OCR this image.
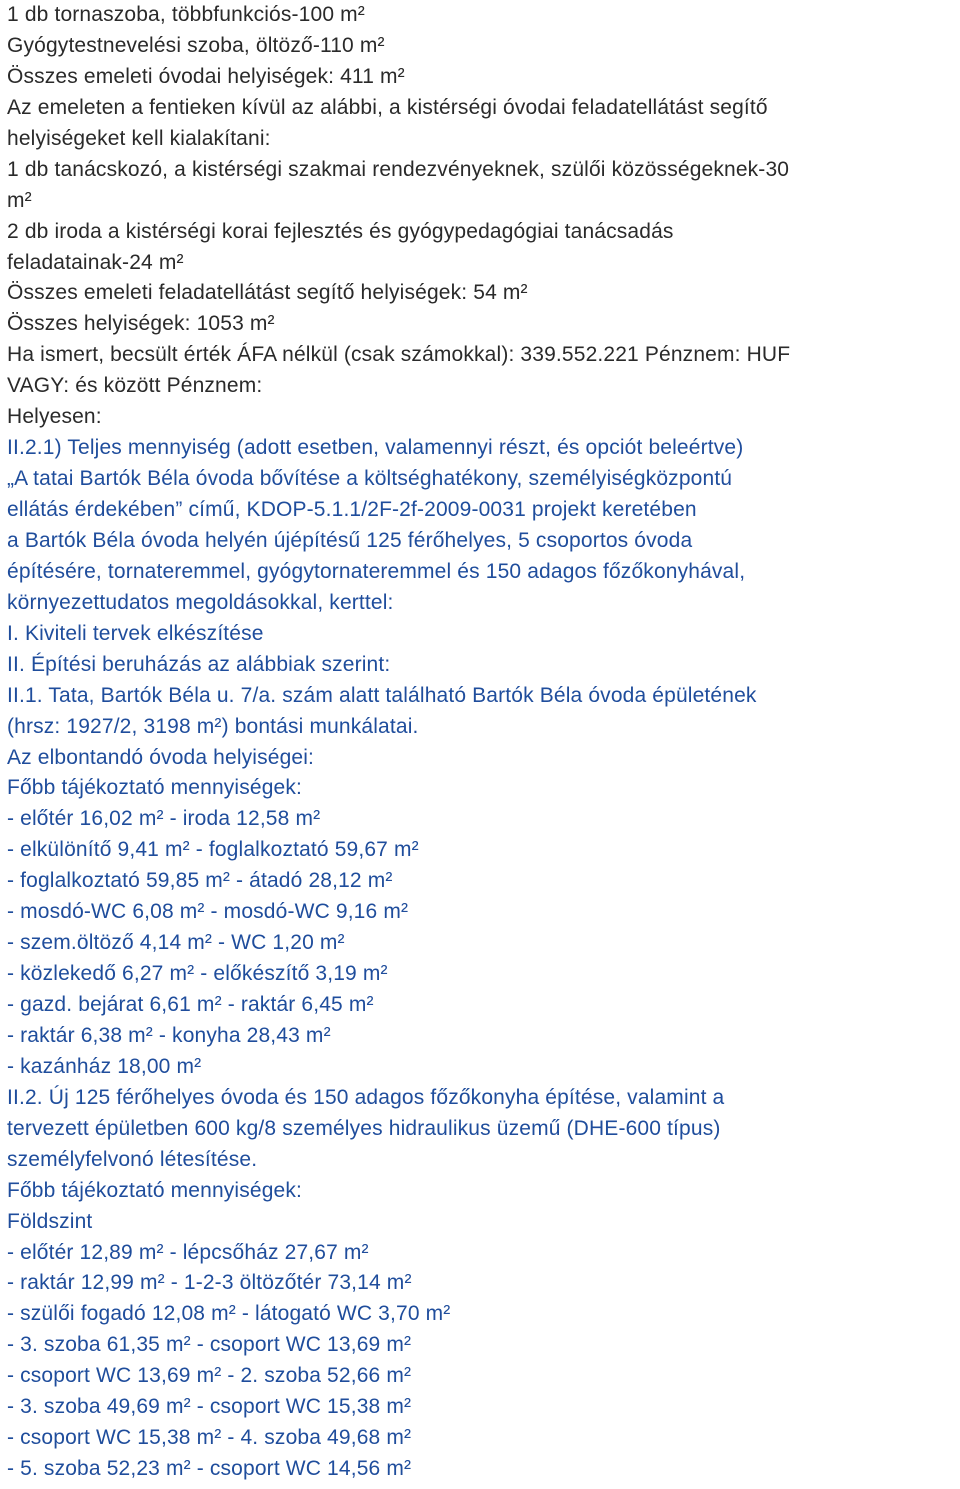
1 db tornaszoba, többfunkciós-100 m²
Gyógytestnevelési szoba, öltöző-110 m²
Összes emeleti óvodai helyiségek: 411 m²
Az emeleten a fentieken kívül az alábbi, a kistérségi óvodai feladatellátást segítő
helyiségeket kell kialakítani:
1 db tanácskozó, a kistérségi szakmai rendezvényeknek, szülői közösségeknek-30
m²
2 db iroda a kistérségi korai fejlesztés és gyógypedagógiai tanácsadás
feladatainak-24 m²
Összes emeleti feladatellátást segítő helyiségek: 54 m²
Összes helyiségek: 1053 m²
Ha ismert, becsült érték ÁFA nélkül (csak számokkal): 339.552.221 Pénznem: HUF
VAGY: és között Pénznem:
Helyesen:
II.2.1) Teljes mennyiség (adott esetben, valamennyi részt, és opciót beleértve)
„A tatai Bartók Béla óvoda bővítése a költséghatékony, személyiségközpontú
ellátás érdekében” című, KDOP-5.1.1/2F-2f-2009-0031 projekt keretében
a Bartók Béla óvoda helyén újépítésű 125 férőhelyes, 5 csoportos óvoda
építésére, tornateremmel, gyógytornateremmel és 150 adagos főzőkonyhával,
környezettudatos megoldásokkal, kerttel:
I. Kiviteli tervek elkészítése
II. Építési beruházás az alábbiak szerint:
II.1. Tata, Bartók Béla u. 7/a. szám alatt található Bartók Béla óvoda épületének
(hrsz: 1927/2, 3198 m²) bontási munkálatai.
Az elbontandó óvoda helyiségei:
Főbb tájékoztató mennyiségek:
- előtér 16,02 m² - iroda 12,58 m²
- elkülönítő 9,41 m² - foglalkoztató 59,67 m²
- foglalkoztató 59,85 m² - átadó 28,12 m²
- mosdó-WC 6,08 m² - mosdó-WC 9,16 m²
- szem.öltöző 4,14 m² - WC 1,20 m²
- közlekedő 6,27 m² - előkészítő 3,19 m²
- gazd. bejárat 6,61 m² - raktár 6,45 m²
- raktár 6,38 m² - konyha 28,43 m²
- kazánház 18,00 m²
II.2. Új 125 férőhelyes óvoda és 150 adagos főzőkonyha építése, valamint a
tervezett épületben 600 kg/8 személyes hidraulikus üzemű (DHE-600 típus)
személyfelvonó létesítése.
Főbb tájékoztató mennyiségek:
Földszint
- előtér 12,89 m² - lépcsőház 27,67 m²
- raktár 12,99 m² - 1-2-3 öltözőtér 73,14 m²
- szülői fogadó 12,08 m² - látogató WC 3,70 m²
- 3. szoba 61,35 m² - csoport WC 13,69 m²
- csoport WC 13,69 m² - 2. szoba 52,66 m²
- 3. szoba 49,69 m² - csoport WC 15,38 m²
- csoport WC 15,38 m² - 4. szoba 49,68 m²
- 5. szoba 52,23 m² - csoport WC 14,56 m²
